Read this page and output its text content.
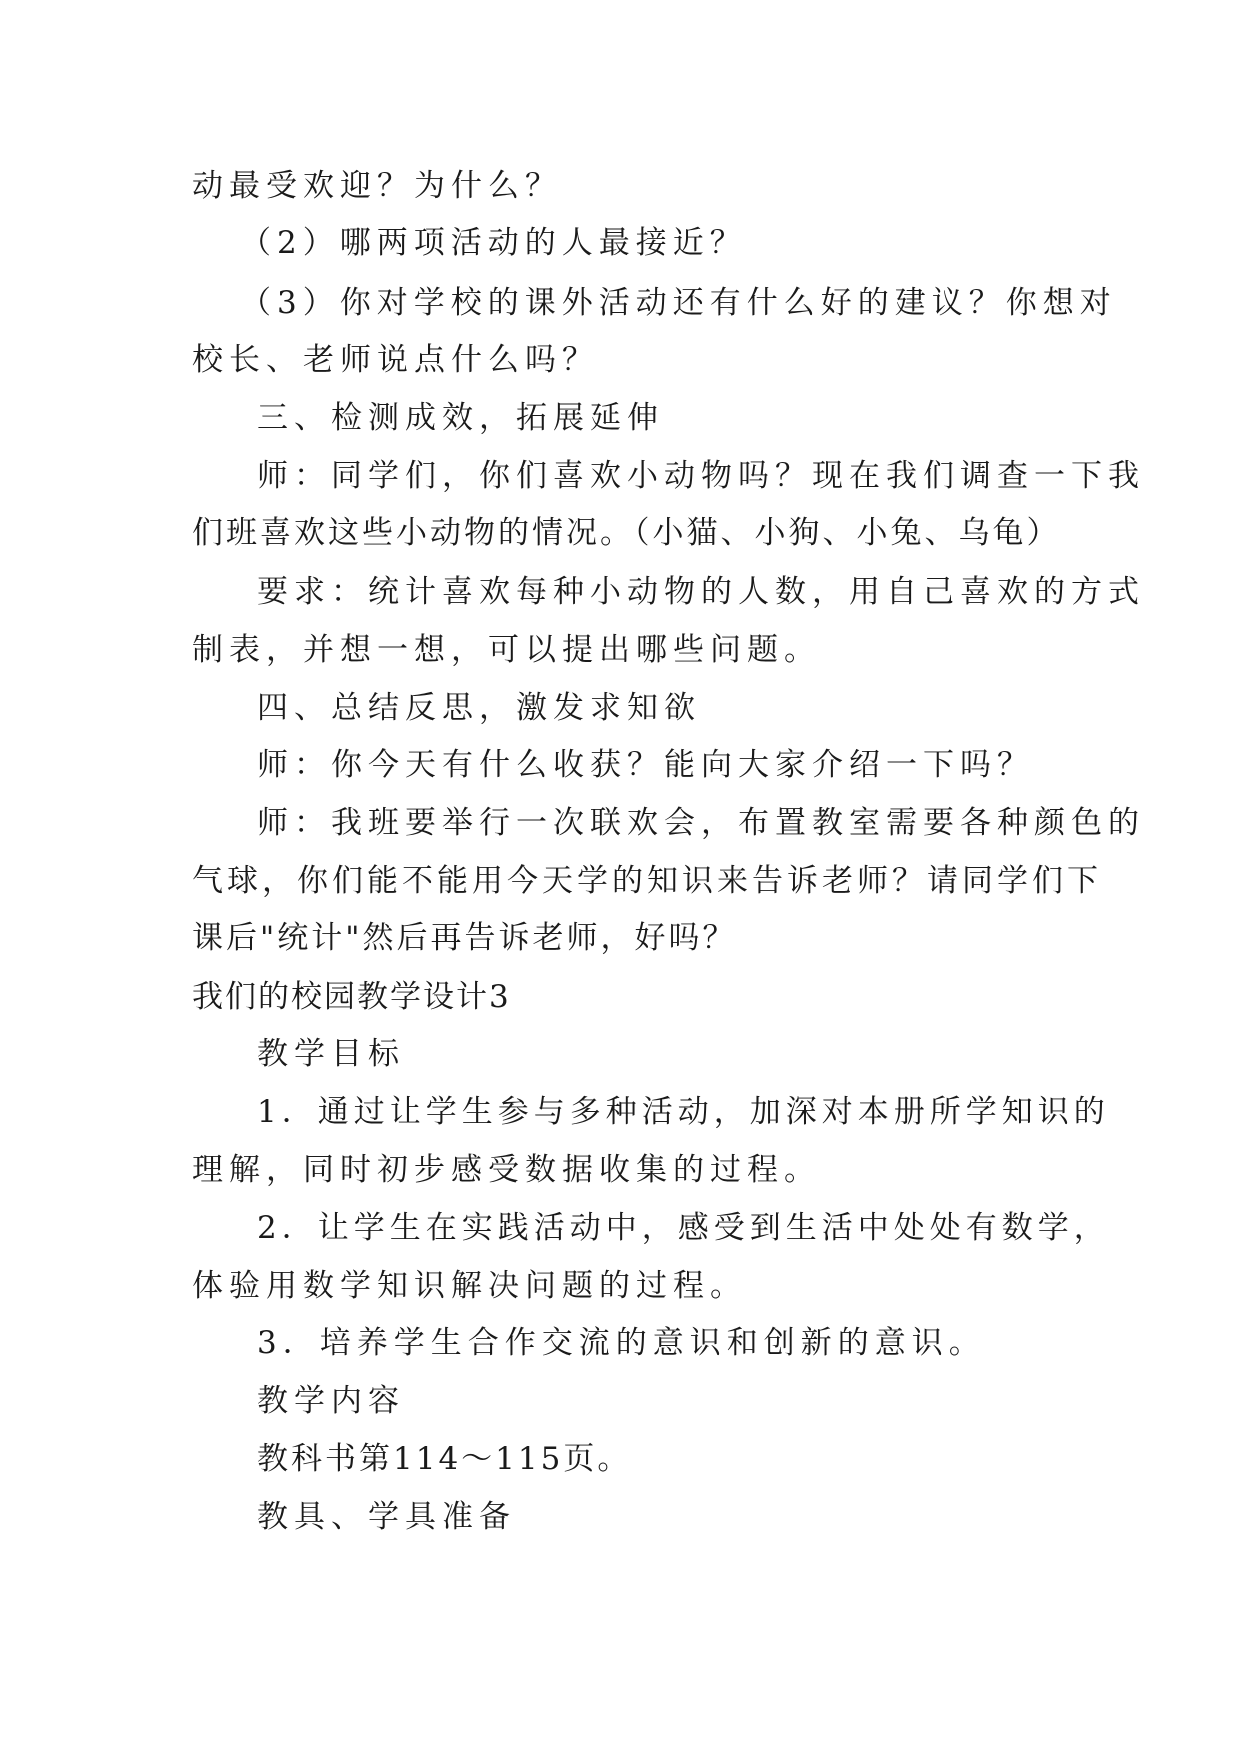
动最受欢迎？为什么？
（2）哪两项活动的人最接近？
（3）你对学校的课外活动还有什么好的建议？你想对
校长、老师说点什么吗？
三、检测成效，拓展延伸
师：同学们，你们喜欢小动物吗？现在我们调查一下我
们班喜欢这些小动物的情况。（小猫、小狗、小兔、乌龟）
要求：统计喜欢每种小动物的人数，用自己喜欢的方式
制表，并想一想，可以提出哪些问题。
四、总结反思，激发求知欲
师：你今天有什么收获？能向大家介绍一下吗？
师：我班要举行一次联欢会，布置教室需要各种颜色的
气球，你们能不能用今天学的知识来告诉老师？请同学们下
课后"统计"然后再告诉老师，好吗？
我们的校园教学设计3
教学目标
1．通过让学生参与多种活动，加深对本册所学知识的
理解，同时初步感受数据收集的过程。
2．让学生在实践活动中，感受到生活中处处有数学，
体验用数学知识解决问题的过程。
3．培养学生合作交流的意识和创新的意识。
教学内容
教科书第114～115页。
教具、学具准备
